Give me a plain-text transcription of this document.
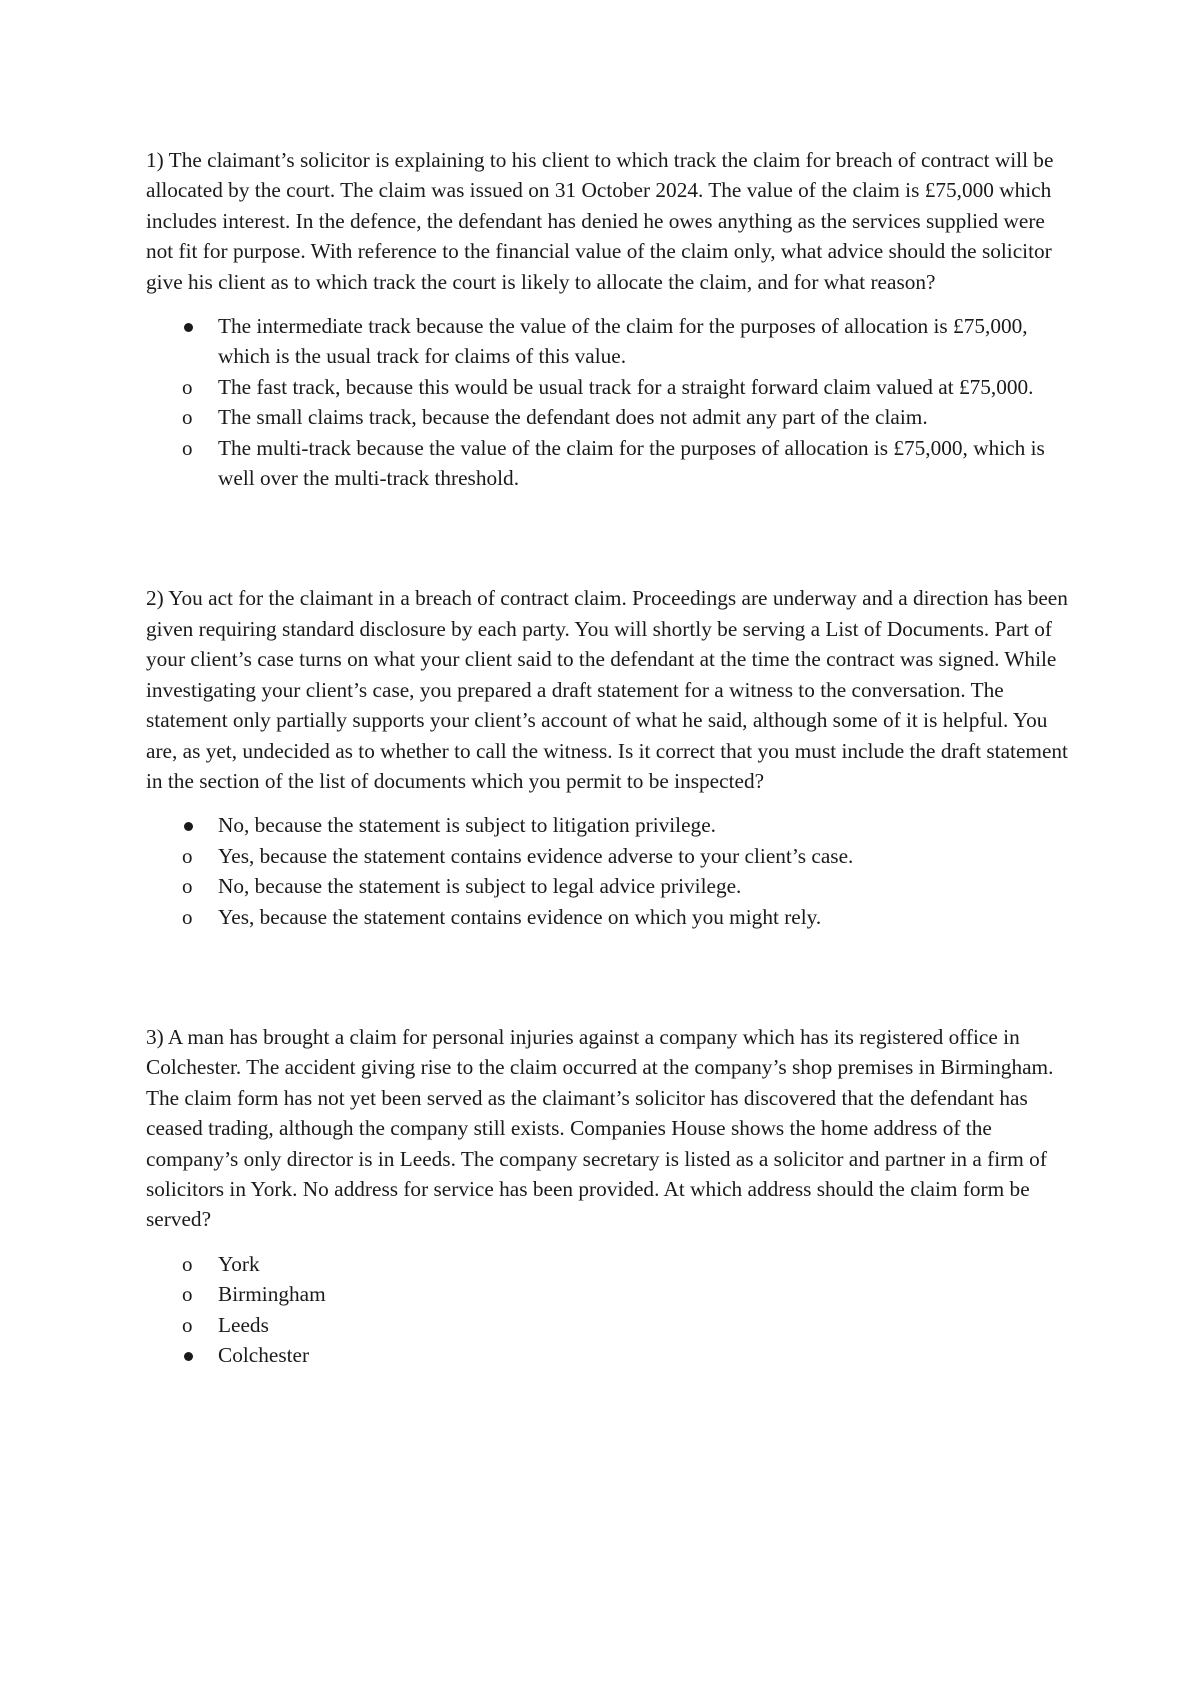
1) The claimant’s solicitor is explaining to his client to which track the claim for breach of contract will be allocated by the court. The claim was issued on 31 October 2024. The value of the claim is £75,000 which includes interest. In the defence, the defendant has denied he owes anything as the services supplied were not fit for purpose. With reference to the financial value of the claim only, what advice should the solicitor give his client as to which track the court is likely to allocate the claim, and for what reason?

The intermediate track because the value of the claim for the purposes of allocation is £75,000, which is the usual track for claims of this value.
o	The fast track, because this would be usual track for a straight forward claim valued at £75,000.
o	The small claims track, because the defendant does not admit any part of the claim.
o	The multi-track because the value of the claim for the purposes of allocation is £75,000, which is well over the multi-track threshold.

2) You act for the claimant in a breach of contract claim. Proceedings are underway and a direction has been given requiring standard disclosure by each party. You will shortly be serving a List of Documents. Part of your client’s case turns on what your client said to the defendant at the time the contract was signed. While investigating your client’s case, you prepared a draft statement for a witness to the conversation. The statement only partially supports your client’s account of what he said, although some of it is helpful. You are, as yet, undecided as to whether to call the witness. Is it correct that you must include the draft statement in the section of the list of documents which you permit to be inspected?

No, because the statement is subject to litigation privilege.
o	Yes, because the statement contains evidence adverse to your client’s case.
o	No, because the statement is subject to legal advice privilege.
o	Yes, because the statement contains evidence on which you might rely.

3) A man has brought a claim for personal injuries against a company which has its registered office in Colchester. The accident giving rise to the claim occurred at the company’s shop premises in Birmingham. The claim form has not yet been served as the claimant’s solicitor has discovered that the defendant has ceased trading, although the company still exists. Companies House shows the home address of the company’s only director is in Leeds. The company secretary is listed as a solicitor and partner in a firm of solicitors in York. No address for service has been provided. At which address should the claim form be served?

o	York
o	Birmingham
o	Leeds
Colchester
